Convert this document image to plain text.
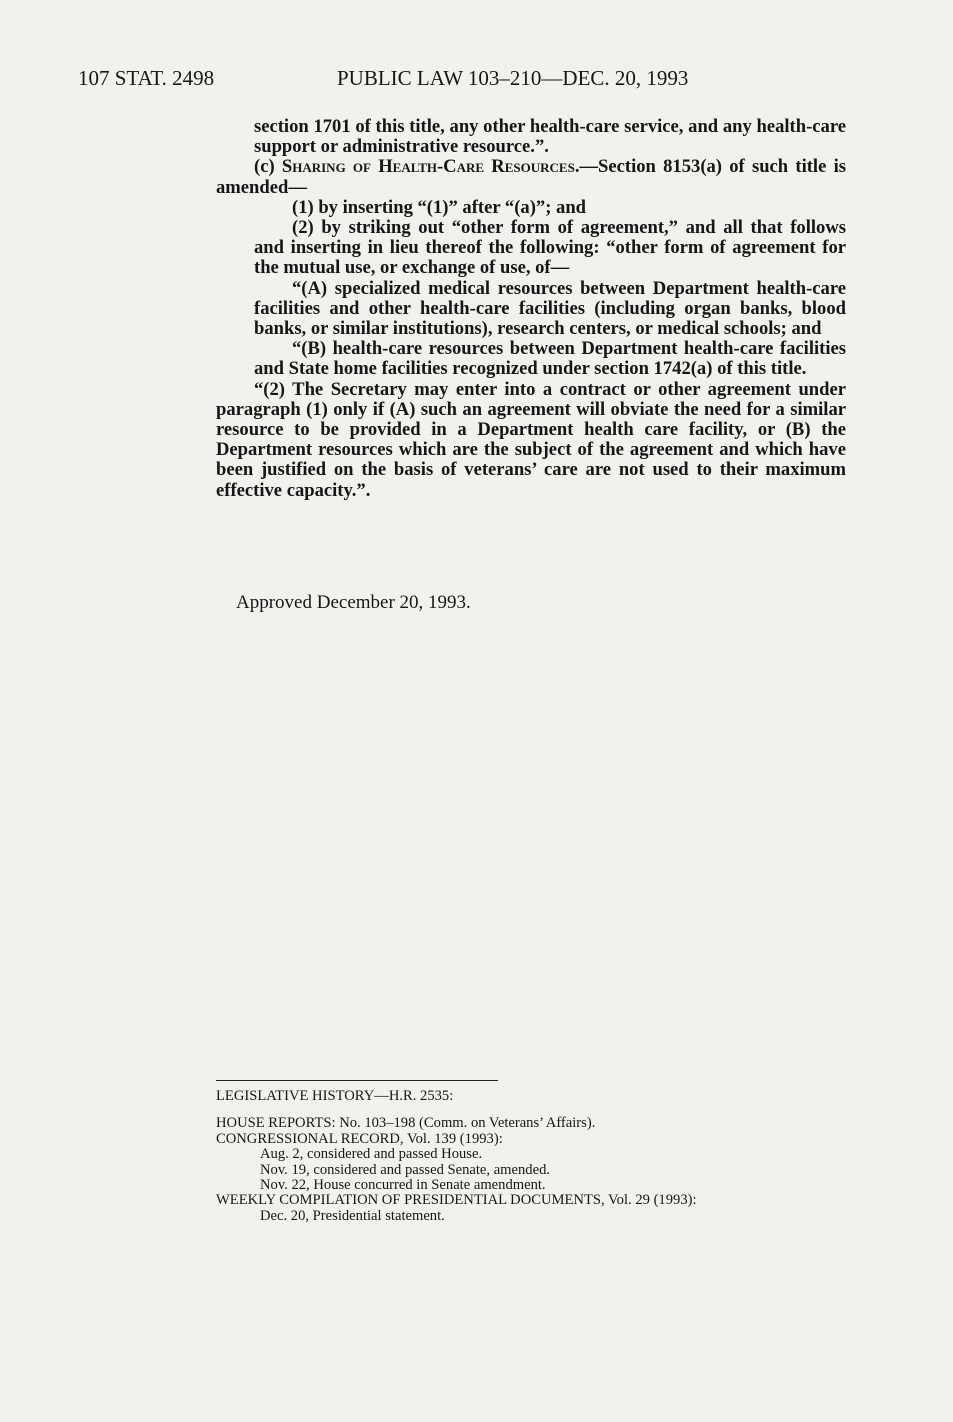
107 STAT. 2498	PUBLIC LAW 103–210—DEC. 20, 1993

section 1701 of this title, any other health-care service, and any health-care support or administrative resource.”.

(c) Sharing of Health-Care Resources.—Section 8153(a) of such title is amended—

(1) by inserting “(1)” after “(a)”; and

(2) by striking out “other form of agreement,” and all that follows and inserting in lieu thereof the following: “other form of agreement for the mutual use, or exchange of use, of—

“(A) specialized medical resources between Department health-care facilities and other health-care facilities (including organ banks, blood banks, or similar institutions), research centers, or medical schools; and

“(B) health-care resources between Department health-care facilities and State home facilities recognized under section 1742(a) of this title.

“(2) The Secretary may enter into a contract or other agreement under paragraph (1) only if (A) such an agreement will obviate the need for a similar resource to be provided in a Department health care facility, or (B) the Department resources which are the subject of the agreement and which have been justified on the basis of veterans’ care are not used to their maximum effective capacity.”.

Approved December 20, 1993.
LEGISLATIVE HISTORY—H.R. 2535:
HOUSE REPORTS: No. 103–198 (Comm. on Veterans’ Affairs).
CONGRESSIONAL RECORD, Vol. 139 (1993):
Aug. 2, considered and passed House.
Nov. 19, considered and passed Senate, amended.
Nov. 22, House concurred in Senate amendment.
WEEKLY COMPILATION OF PRESIDENTIAL DOCUMENTS, Vol. 29 (1993):
Dec. 20, Presidential statement.
